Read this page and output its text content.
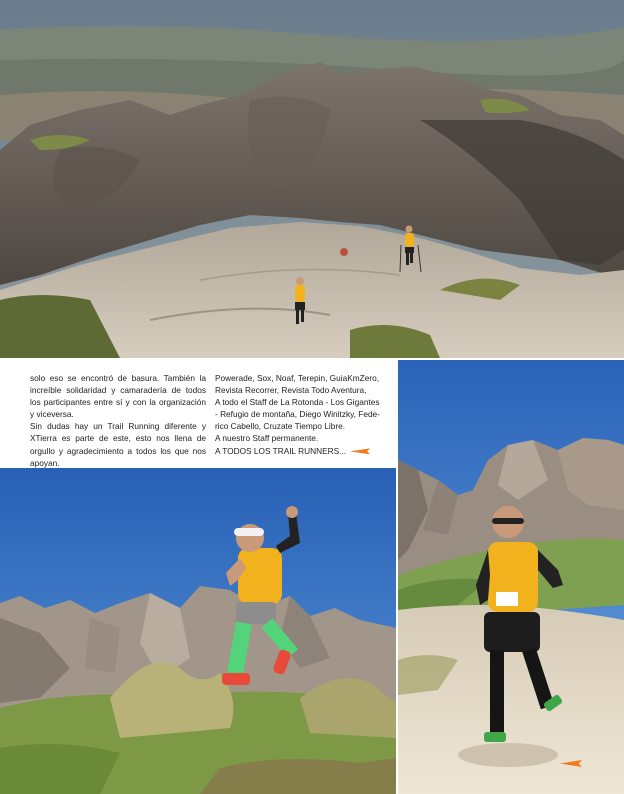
solo eso se encontró de basura. También la increíble solidaridad y camaradería de todos los participantes entre sí y con la organización y viceversa.

Sin dudas hay un Trail Running diferente y XTierra es parte de este, esto nos llena de orgullo y agradecimiento a todos los que nos apoyan.

Powerade, Sox, Noaf, Terepin, GuiaKmZero,
Revista Recorrer, Revista Todo Aventura,
A todo el Staff de La Rotonda - Los Gigantes
- Refugio de montaña, Diego Winitzky, Fede-
rico Cabello, Cruzate Tiempo Libre.
A nuestro Staff permanente.
A TODOS LOS TRAIL RUNNERS...
